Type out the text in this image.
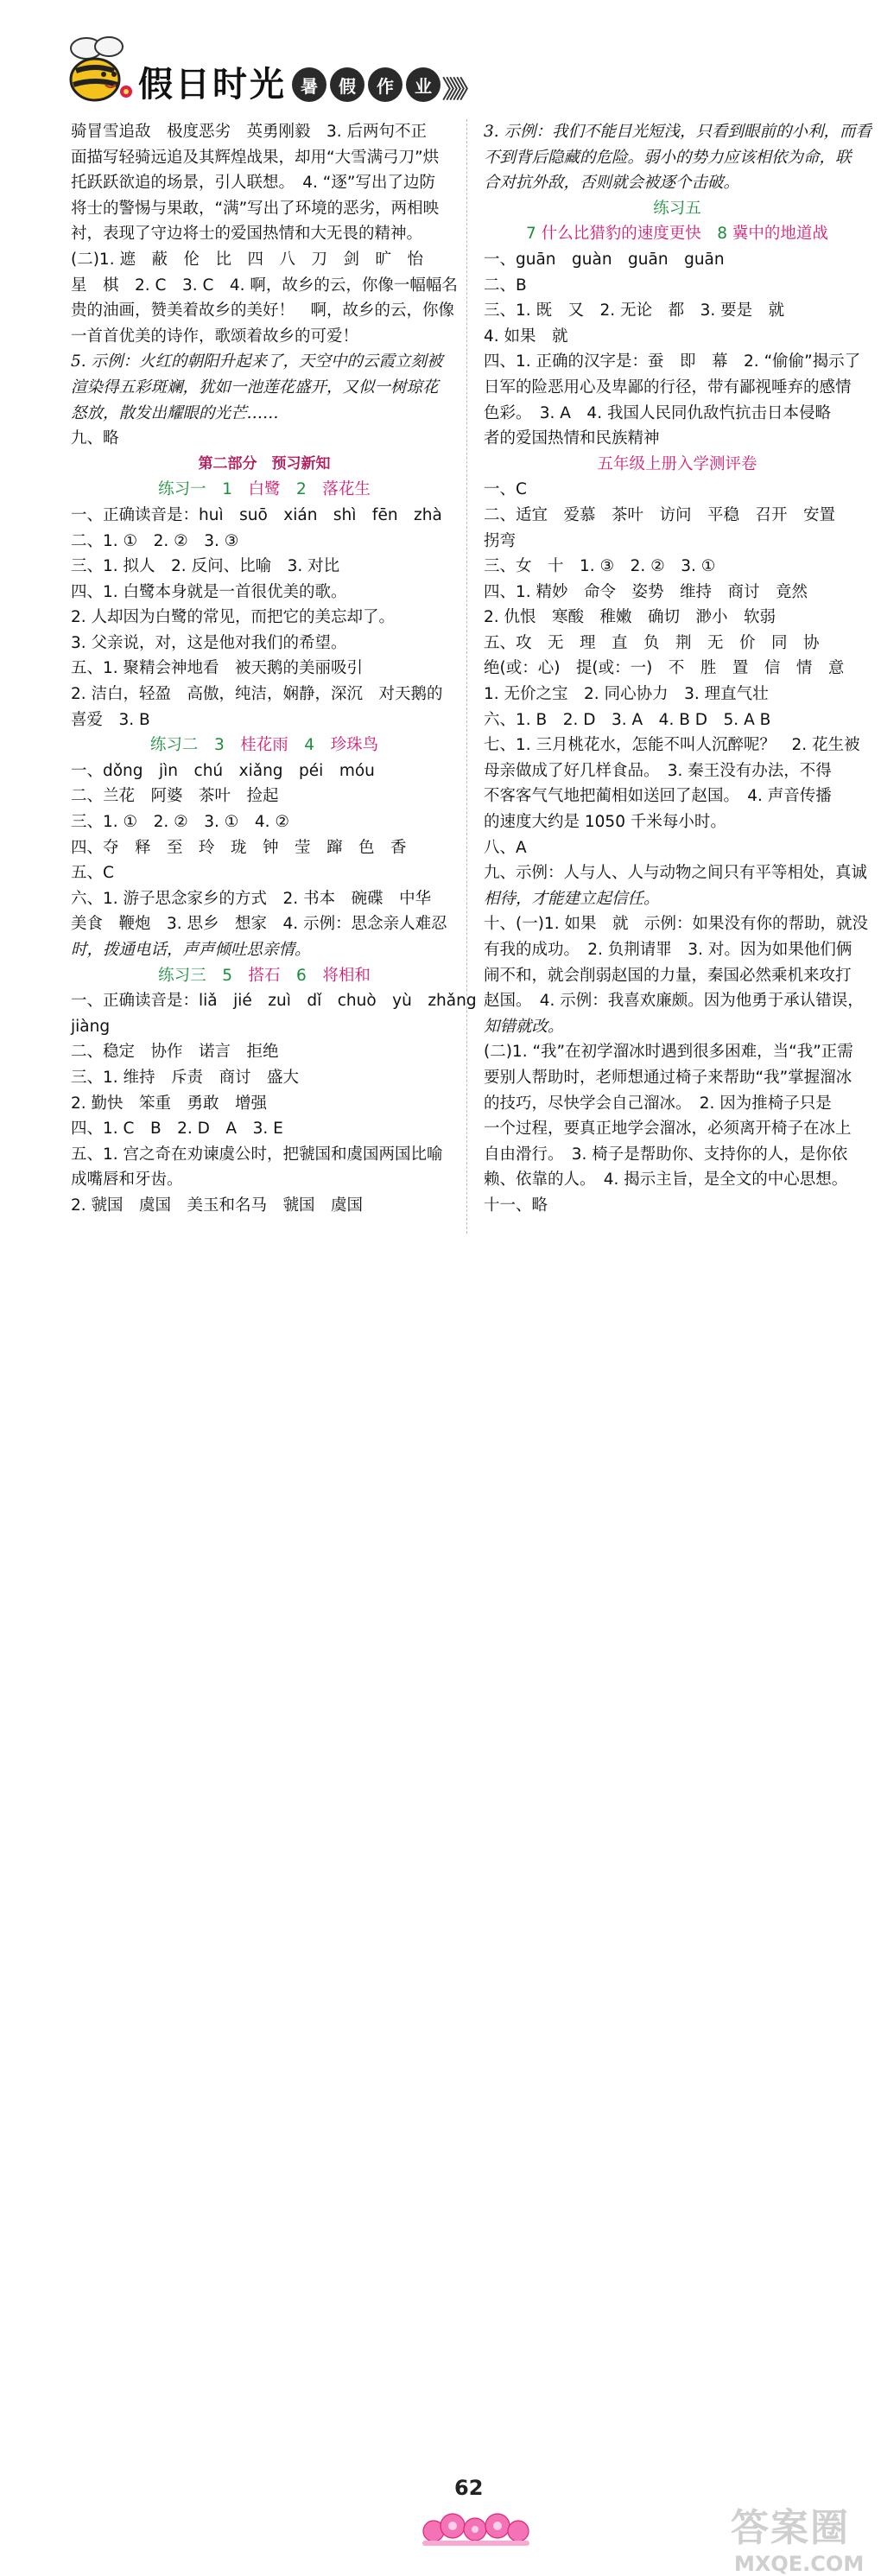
假日时光 暑	假	作	业 》》》
骑冒雪追敌　极度恶劣　英勇刚毅　3. 后两句不正
面描写轻骑远追及其辉煌战果，却用“大雪满弓刀”烘
托跃跃欲追的场景，引人联想。　4. “逐”写出了边防
将士的警惕与果敢，“满”写出了环境的恶劣，两相映
衬，表现了守边将士的爱国热情和大无畏的精神。
(二)1. 遮　蔽　伦　比　四　八　刀　剑　旷　怡
星　棋　2. C　3. C　4. 啊，故乡的云，你像一幅幅名
贵的油画，赞美着故乡的美好！　啊，故乡的云，你像
一首首优美的诗作，歌颂着故乡的可爱！
5. 示例：火红的朝阳升起来了，天空中的云霞立刻被
渲染得五彩斑斓，犹如一池莲花盛开，又似一树琼花
怒放，散发出耀眼的光芒……
九、略
第二部分　预习新知
练习一　 1　 白鹭　 2　 落花生
一、正确读音是：huì　suō　xián　shì　fēn　zhà
二、1. ①　2. ②　3. ③
三、1. 拟人　2. 反问、比喻　3. 对比
四、1. 白鹭本身就是一首很优美的歌。
2. 人却因为白鹭的常见，而把它的美忘却了。
3. 父亲说，对，这是他对我们的希望。
五、1. 聚精会神地看　被天鹅的美丽吸引
2. 洁白，轻盈　高傲，纯洁，娴静，深沉　对天鹅的
喜爱　3. B
练习二　 3　 桂花雨　 4　 珍珠鸟
一、dǒng　jìn　chú　xiǎng　péi　móu
二、兰花　阿婆　茶叶　捡起
三、1. ①　2. ②　3. ①　4. ②
四、夺　释　至　玲　珑　钟　莹　蹿　色　香
五、C
六、1. 游子思念家乡的方式　2. 书本　碗碟　中华
美食　鞭炮　3. 思乡　想家　4. 示例：思念亲人难忍
时，拨通电话，声声倾吐思亲情。
练习三　 5　 搭石　 6　 将相和
一、正确读音是：liǎ　jié　zuì　dǐ　chuò　yù　zhǎng
jiàng
二、稳定　协作　诺言　拒绝
三、1. 维持　斥责　商讨　盛大
2. 勤快　笨重　勇敢　增强
四、1. C　B　2. D　A　3. E
五、1. 宫之奇在劝谏虞公时，把虢国和虞国两国比喻
成嘴唇和牙齿。
2. 虢国　虞国　美玉和名马　虢国　虞国
3. 示例：我们不能目光短浅，只看到眼前的小利，而看
不到背后隐藏的危险。弱小的势力应该相依为命，联
合对抗外敌，否则就会被逐个击破。
练习五
7 什么比猎豹的速度更快　 8 冀中的地道战
一、guān　guàn　guān　guān
二、B
三、1. 既　又　2. 无论　都　3. 要是　就
4. 如果　就
四、1. 正确的汉字是：蚕　即　幕　2. “偷偷”揭示了
日军的险恶用心及卑鄙的行径，带有鄙视唾弃的感情
色彩。　3. A　4. 我国人民同仇敌忾抗击日本侵略
者的爱国热情和民族精神
五年级上册入学测评卷
一、C
二、适宜　爱慕　茶叶　访问　平稳　召开　安置
拐弯
三、女　十　1. ③　2. ②　3. ①
四、1. 精妙　命令　姿势　维持　商讨　竟然
2. 仇恨　寒酸　稚嫩　确切　渺小　软弱
五、攻　无　理　直　负　荆　无　价　同　协
绝(或：心)　提(或：一)　不　胜　置　信　情　意
1. 无价之宝　2. 同心协力　3. 理直气壮
六、1. B　2. D　3. A　4. B D　5. A B
七、1. 三月桃花水，怎能不叫人沉醉呢？　2. 花生被
母亲做成了好几样食品。　3. 秦王没有办法，不得
不客客气气地把蔺相如送回了赵国。　4. 声音传播
的速度大约是 1050 千米每小时。
八、A
九、示例：人与人、人与动物之间只有平等相处，真诚
相待，才能建立起信任。
十、(一)1. 如果　就　示例：如果没有你的帮助，就没
有我的成功。　2. 负荆请罪　3. 对。因为如果他们俩
闹不和，就会削弱赵国的力量，秦国必然乘机来攻打
赵国。　4. 示例：我喜欢廉颇。因为他勇于承认错误，
知错就改。
(二)1. “我”在初学溜冰时遇到很多困难，当“我”正需
要别人帮助时，老师想通过椅子来帮助“我”掌握溜冰
的技巧，尽快学会自己溜冰。　2. 因为推椅子只是
一个过程，要真正地学会溜冰，必须离开椅子在冰上
自由滑行。　3. 椅子是帮助你、支持你的人，是你依
赖、依靠的人。　4. 揭示主旨，是全文的中心思想。
十一、略
62
答案圈
MXQE.COM
